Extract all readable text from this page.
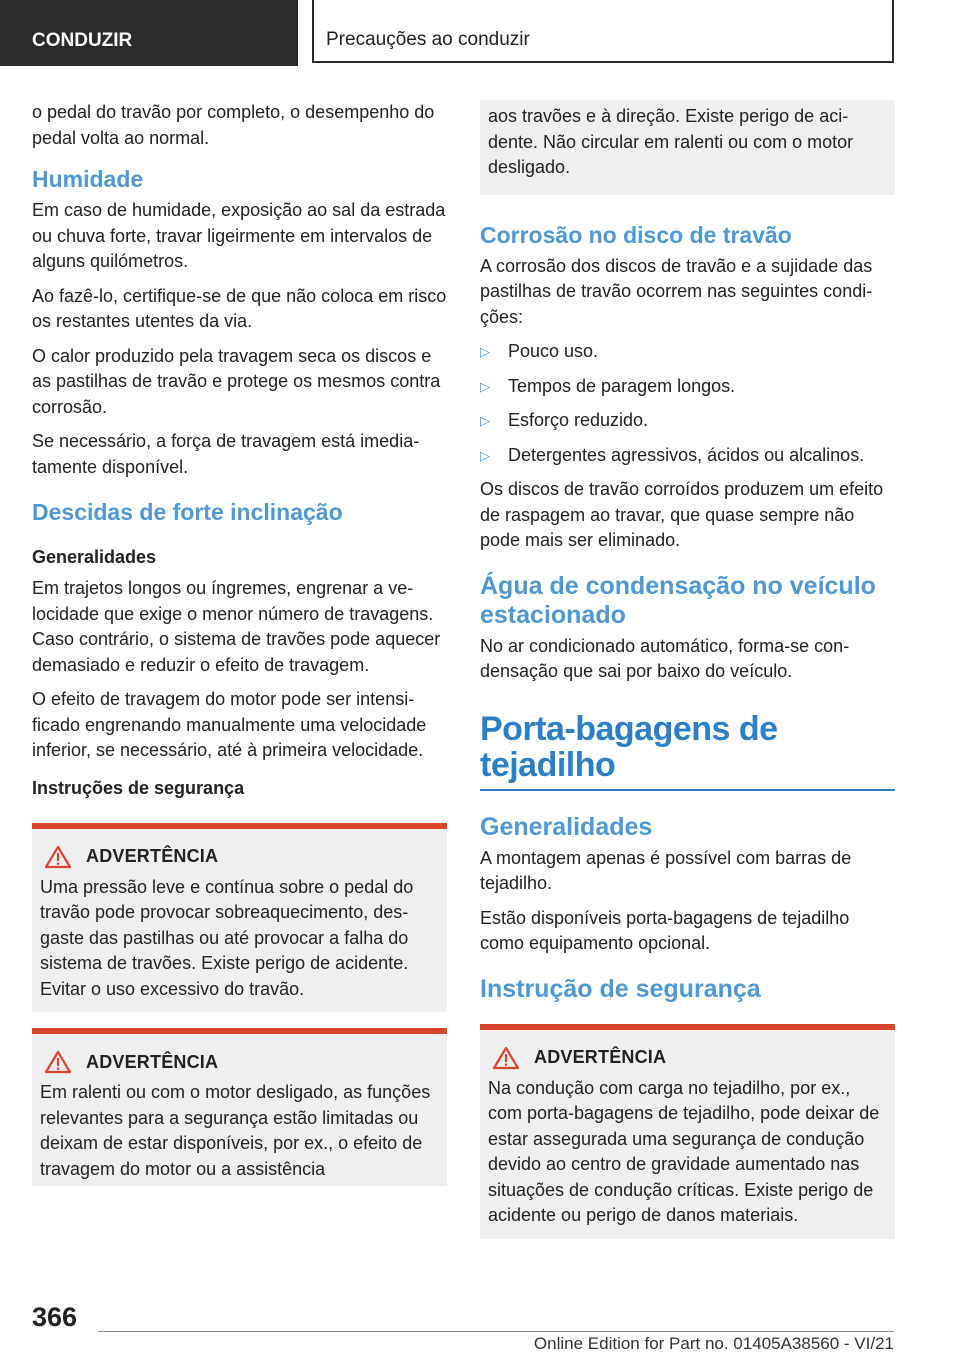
CONDUZIR	Precauções ao conduzir

o pedal do travão por completo, o desempenho do pedal volta ao normal.

Humidade

Em caso de humidade, exposição ao sal da estrada ou chuva forte, travar ligeirmente em intervalos de alguns quilómetros.

Ao fazê-lo, certifique-se de que não coloca em risco os restantes utentes da via.

O calor produzido pela travagem seca os discos e as pastilhas de travão e protege os mesmos contra corrosão.

Se necessário, a força de travagem está imediatamente disponível.

Descidas de forte inclinação
Generalidades

Em trajetos longos ou íngremes, engrenar a velocidade que exige o menor número de travagens. Caso contrário, o sistema de travões pode aquecer demasiado e reduzir o efeito de travagem.

O efeito de travagem do motor pode ser intensificado engrenando manualmente uma velocidade inferior, se necessário, até à primeira velocidade.

Instruções de segurança
ADVERTÊNCIA

Uma pressão leve e contínua sobre o pedal do travão pode provocar sobreaquecimento, desgaste das pastilhas ou até provocar a falha do sistema de travões. Existe perigo de acidente. Evitar o uso excessivo do travão.

ADVERTÊNCIA

Em ralenti ou com o motor desligado, as funções relevantes para a segurança estão limitadas ou deixam de estar disponíveis, por ex., o efeito de travagem do motor ou a assistência

aos travões e à direção. Existe perigo de acidente. Não circular em ralenti ou com o motor desligado.

Corrosão no disco de travão

A corrosão dos discos de travão e a sujidade das pastilhas de travão ocorrem nas seguintes condições:

▷	Pouco uso.
▷	Tempos de paragem longos.
▷	Esforço reduzido.
▷	Detergentes agressivos, ácidos ou alcalinos.

Os discos de travão corroídos produzem um efeito de raspagem ao travar, que quase sempre não pode mais ser eliminado.

Água de condensação no veículo estacionado

No ar condicionado automático, forma-se condensação que sai por baixo do veículo.

Porta-bagagens de tejadilho
Generalidades

A montagem apenas é possível com barras de tejadilho.

Estão disponíveis porta-bagagens de tejadilho como equipamento opcional.

Instrução de segurança
ADVERTÊNCIA

Na condução com carga no tejadilho, por ex., com porta-bagagens de tejadilho, pode deixar de estar assegurada uma segurança de condução devido ao centro de gravidade aumentado nas situações de condução críticas. Existe perigo de acidente ou perigo de danos materiais.

366
Online Edition for Part no. 01405A38560 - VI/21
